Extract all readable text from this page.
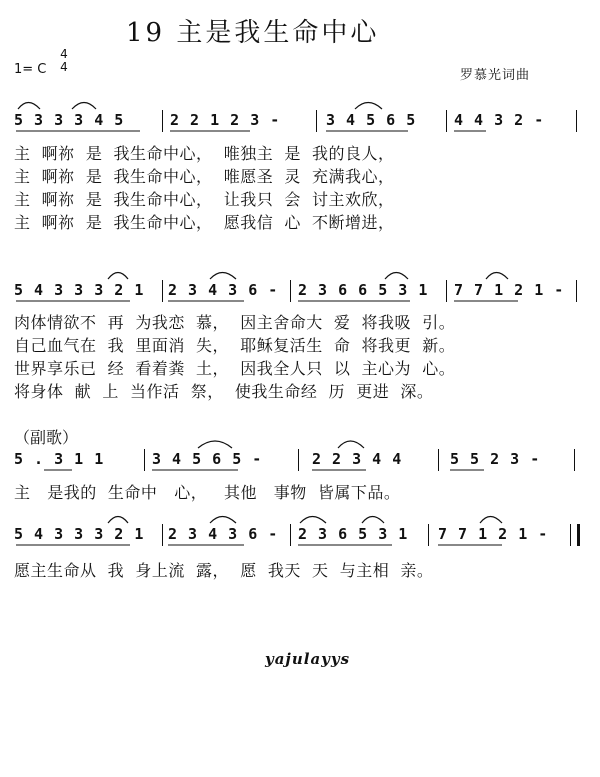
19 主是我生命中心
1= C
4
4
罗慕光词曲
5 3 3 3 4 5	2 2 1 2 3 -	3 4 5 6 5	4 4 3 2 -
主  啊祢  是  我生命中心，  唯独主  是  我的良人，
主  啊祢  是  我生命中心，  唯愿圣  灵  充满我心，
主  啊祢  是  我生命中心，  让我只  会  讨主欢欣，
主  啊祢  是  我生命中心，  愿我信  心  不断增进，
5 4 3 3 3 2 1 2 3 4 3 6 - 2 3 6 6 5 3 1 7 7 1 2 1 -
肉体情欲不  再  为我恋  慕，  因主舍命大  爱  将我吸  引。
自己血气在  我  里面消  失，  耶稣复活生  命  将我更  新。
世界享乐已  经  看着粪  土，  因我全人只  以  主心为  心。
将身体  献  上  当作活  祭，  使我生命经  历  更进  深。
（副歌）
5 . 3 1 1	3 4 5 6 5 -	2 2 3 4 4	5 5 2 3 -
主   是我的  生命中   心，   其他   事物  皆属下品。
5 4 3 3 3 2 1 2 3 4 3 6 - 2 3 6 5 3 1 7 7 1 2 1 -
愿主生命从  我  身上流  露，  愿  我天  天  与主相  亲。
yajulayys
